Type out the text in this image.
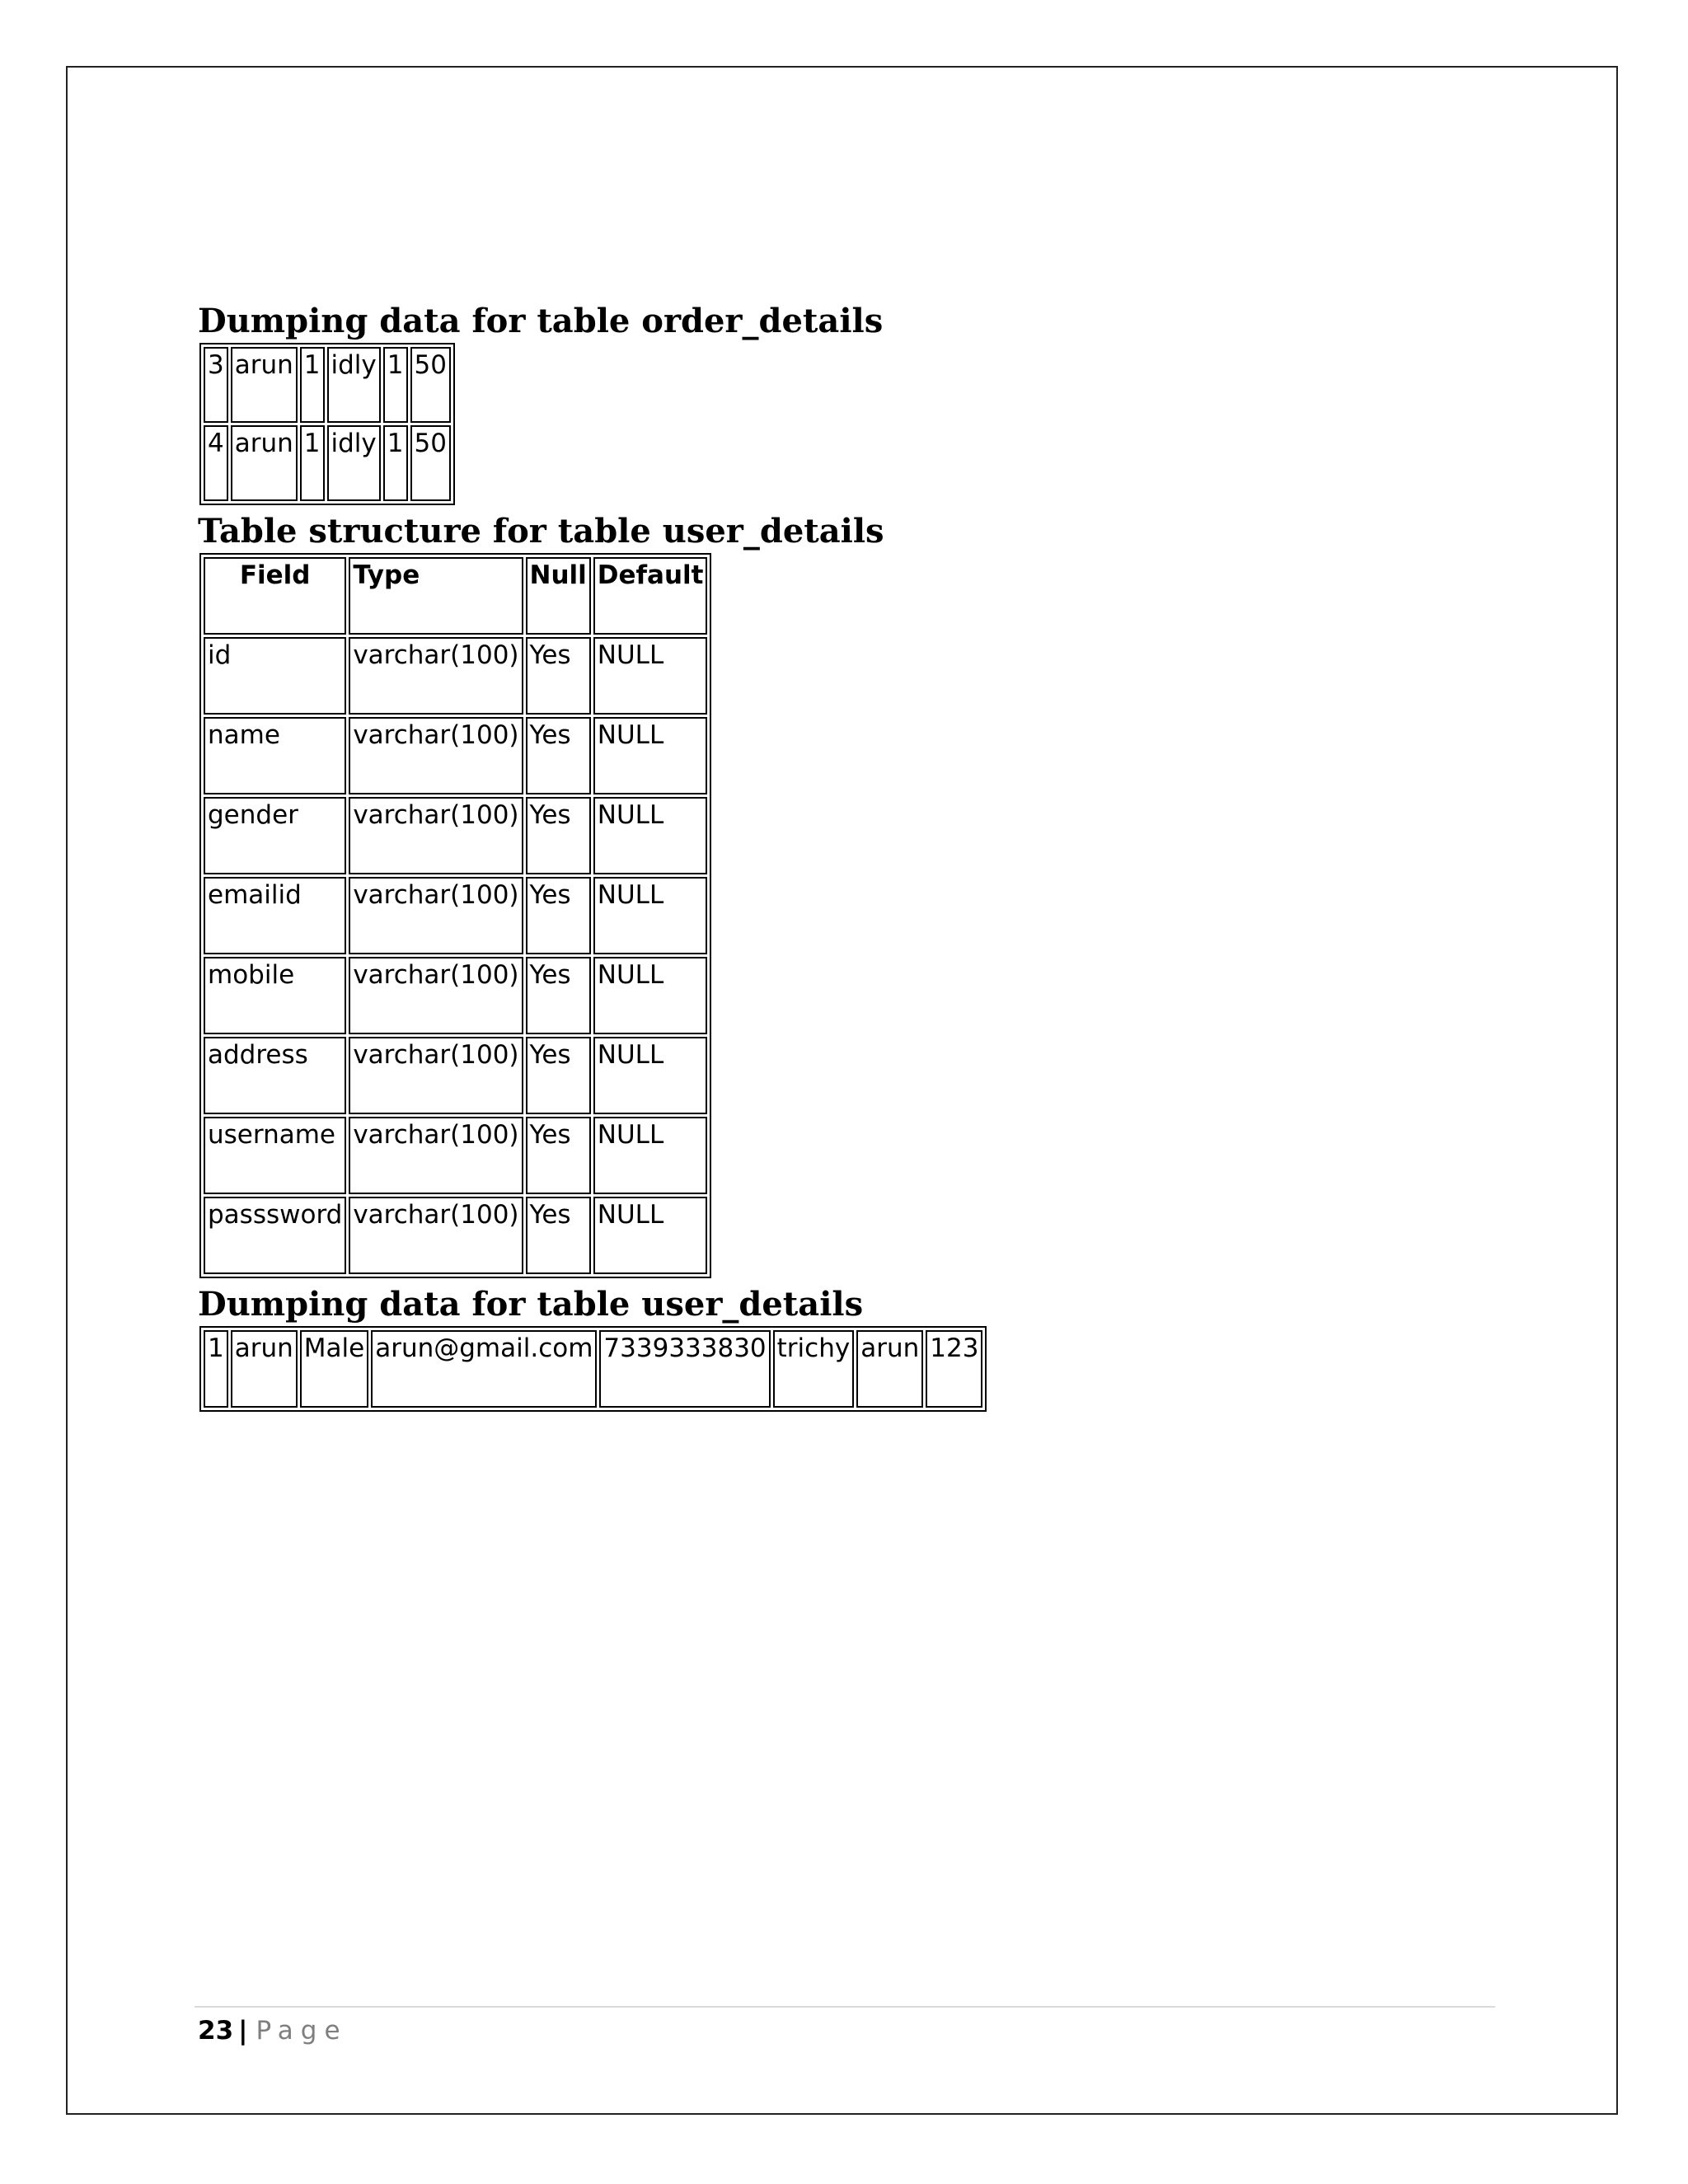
Dumping data for table order_details
3	arun	1	idly	1	50
4	arun	1	idly	1	50
Table structure for table user_details
Field	Type	Null	Default
id	varchar(100)	Yes	NULL
name	varchar(100)	Yes	NULL
gender	varchar(100)	Yes	NULL
emailid	varchar(100)	Yes	NULL
mobile	varchar(100)	Yes	NULL
address	varchar(100)	Yes	NULL
username	varchar(100)	Yes	NULL
passsword	varchar(100)	Yes	NULL
Dumping data for table user_details
1	arun	Male	arun@gmail.com	7339333830	trichy	arun	123
23 | Page
